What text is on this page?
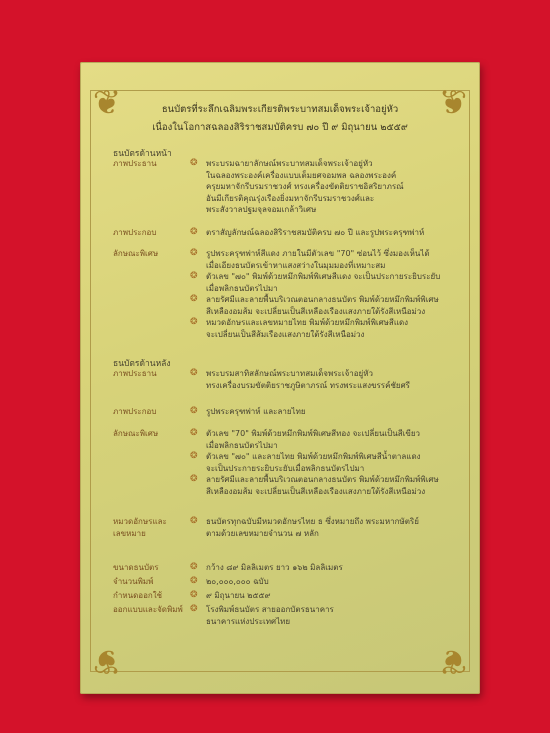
❦	❦
❦	❦
ธนบัตรที่ระลึกเฉลิมพระเกียรติพระบาทสมเด็จพระเจ้าอยู่หัว
เนื่องในโอกาสฉลองสิริราชสมบัติครบ ๗๐ ปี ๙ มิถุนายน ๒๕๕๙
ธนบัตรด้านหน้า
ภาพประธาน	❂ พระบรมฉายาลักษณ์พระบาทสมเด็จพระเจ้าอยู่หัว
ในฉลองพระองค์เครื่องแบบเต็มยศจอมพล ฉลองพระองค์
ครุยมหาจักรีบรมราชวงศ์ ทรงเครื่องขัตติยราชอิสริยาภรณ์
อันมีเกียรติคุณรุ่งเรืองยิ่งมหาจักรีบรมราชวงศ์และ
พระสังวาลปฐมจุลจอมเกล้าวิเศษ
ภาพประกอบ	❂ ตราสัญลักษณ์ฉลองสิริราชสมบัติครบ ๗๐ ปี และรูปพระครุฑพ่าห์
ลักษณะพิเศษ	❂ รูปพระครุฑพ่าห์สีแดง ภายในมีตัวเลข "70" ซ่อนไว้ ซึ่งมองเห็นได้
เมื่อเอียงธนบัตรเข้าหาแสงสว่างในมุมมองที่เหมาะสม
❂ ตัวเลข "๗๐" พิมพ์ด้วยหมึกพิมพ์พิเศษสีแดง จะเป็นประกายระยิบระยับ
เมื่อพลิกธนบัตรไปมา
❂ ลายรัศมีและลายพื้นบริเวณตอนกลางธนบัตร พิมพ์ด้วยหมึกพิมพ์พิเศษ
สีเหลืองอมส้ม จะเปลี่ยนเป็นสีเหลืองเรืองแสงภายใต้รังสีเหนือม่วง
❂ หมวดอักษรและเลขหมายไทย พิมพ์ด้วยหมึกพิมพ์พิเศษสีแดง
จะเปลี่ยนเป็นสีส้มเรืองแสงภายใต้รังสีเหนือม่วง
ธนบัตรด้านหลัง
ภาพประธาน	❂ พระบรมสาทิสลักษณ์พระบาทสมเด็จพระเจ้าอยู่หัว
ทรงเครื่องบรมขัตติยราชภูษิตาภรณ์ ทรงพระแสงขรรค์ชัยศรี
ภาพประกอบ	❂ รูปพระครุฑพ่าห์ และลายไทย
ลักษณะพิเศษ	❂ ตัวเลข "70" พิมพ์ด้วยหมึกพิมพ์พิเศษสีทอง จะเปลี่ยนเป็นสีเขียว
เมื่อพลิกธนบัตรไปมา
❂ ตัวเลข "๗๐" และลายไทย พิมพ์ด้วยหมึกพิมพ์พิเศษสีน้ำตาลแดง
จะเป็นประกายระยิบระยับเมื่อพลิกธนบัตรไปมา
❂ ลายรัศมีและลายพื้นบริเวณตอนกลางธนบัตร พิมพ์ด้วยหมึกพิมพ์พิเศษ
สีเหลืองอมส้ม จะเปลี่ยนเป็นสีเหลืองเรืองแสงภายใต้รังสีเหนือม่วง
หมวดอักษรและ
เลขหมาย
❂ ธนบัตรทุกฉบับมีหมวดอักษรไทย ธ ซึ่งหมายถึง พระมหากษัตริย์
ตามด้วยเลขหมายจำนวน ๗ หลัก
ขนาดธนบัตร	❂ กว้าง ๘๙ มิลลิเมตร ยาว ๑๖๒ มิลลิเมตร
จำนวนพิมพ์	❂ ๒๐,๐๐๐,๐๐๐ ฉบับ
กำหนดออกใช้	❂ ๙ มิถุนายน ๒๕๕๙
ออกแบบและจัดพิมพ์ ❂ โรงพิมพ์ธนบัตร สายออกบัตรธนาคาร
ธนาคารแห่งประเทศไทย
